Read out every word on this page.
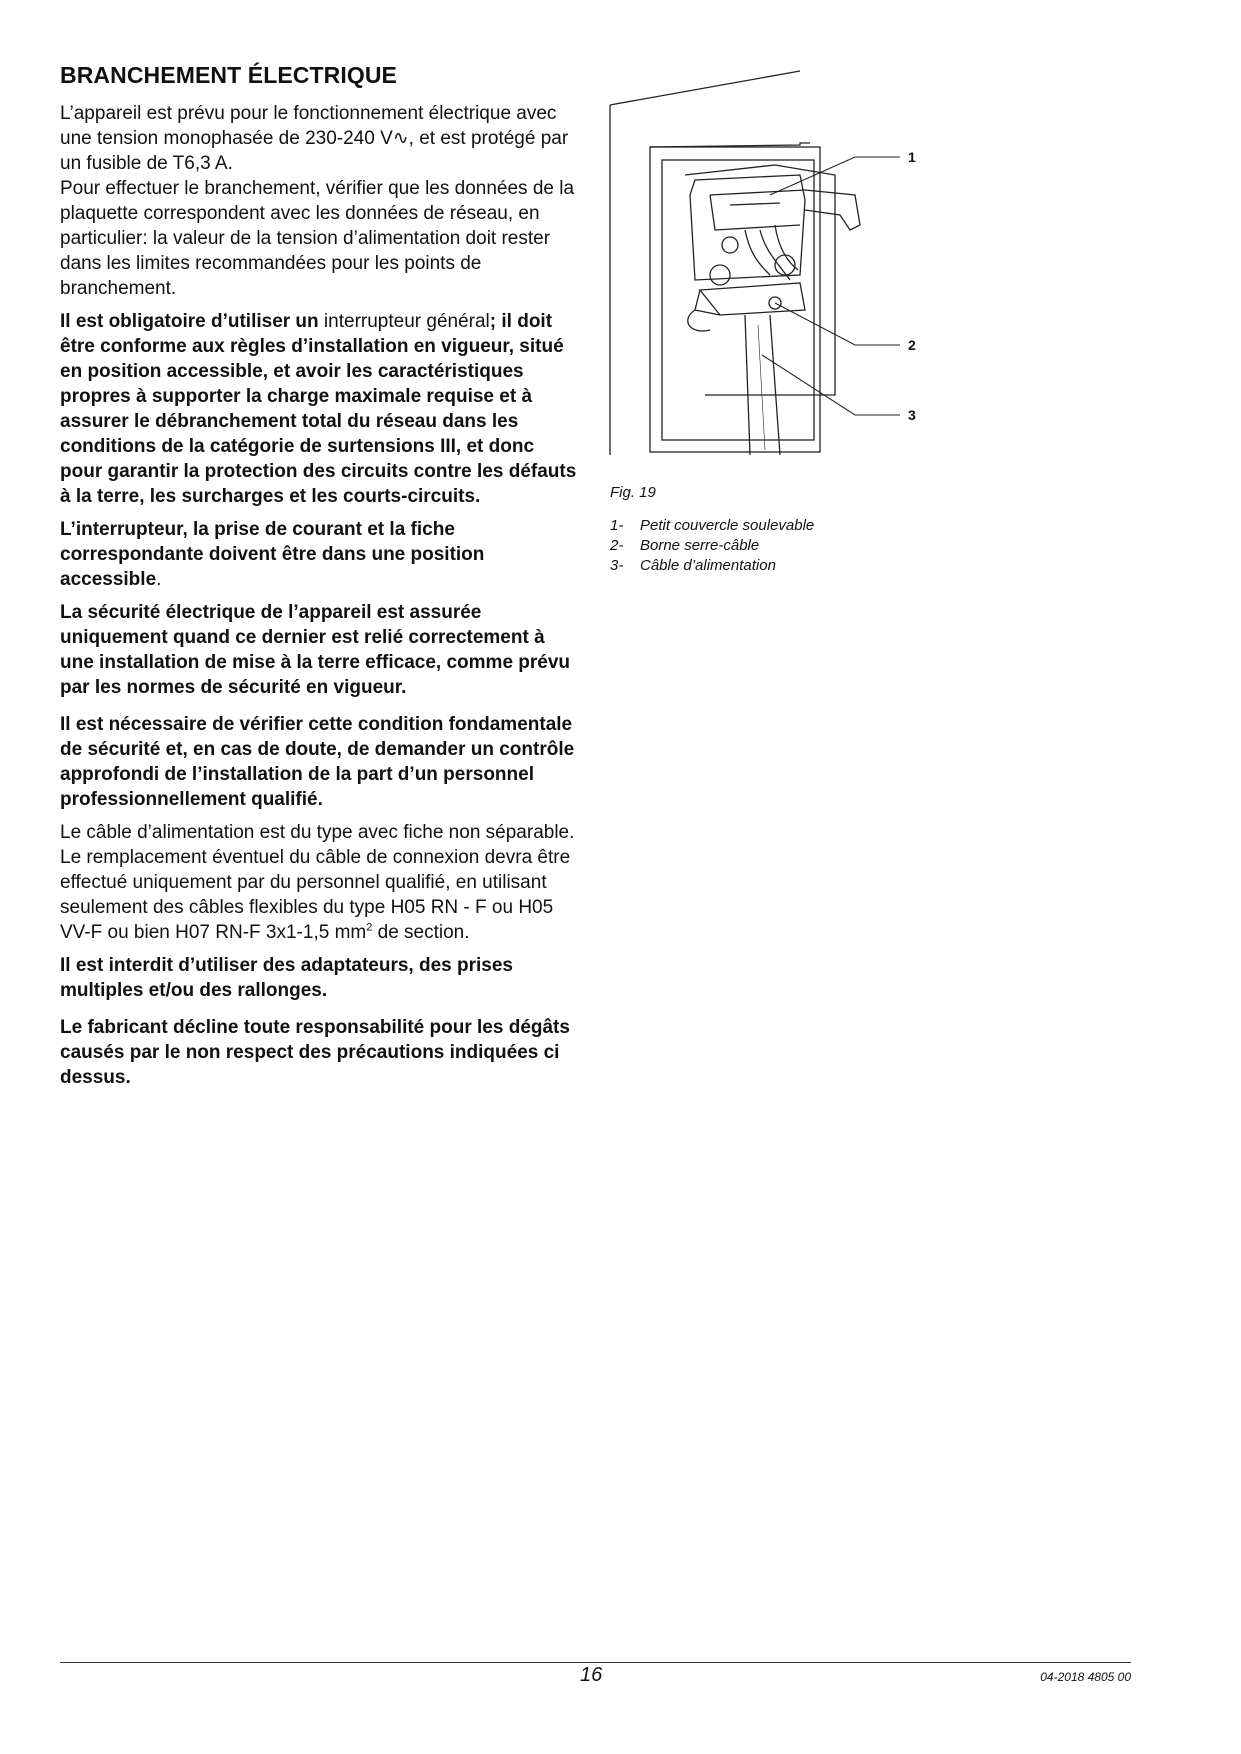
BRANCHEMENT ÉLECTRIQUE

L’appareil est prévu pour le fonctionnement électrique avec une tension monophasée de 230-240 V∿, et est protégé par un fusible de T6,3 A.

Pour effectuer le branchement, vérifier que les données de la plaquette correspondent avec les données de réseau, en particulier: la valeur de la tension d’alimentation doit rester dans les limites recommandées pour les points de branchement.

Il est obligatoire d’utiliser un interrupteur général; il doit être conforme aux règles d’installation en vigueur, situé en position accessible, et avoir les caractéristiques propres à supporter la charge maximale requise et à assurer le débranchement total du réseau dans les conditions de la catégorie de surtensions III, et donc pour garantir la protection des circuits contre les défauts à la terre, les surcharges et les courts-circuits.

L’interrupteur, la prise de courant et la fiche correspondante doivent être dans une position accessible.

La sécurité électrique de l’appareil est assurée uniquement quand ce dernier est relié correctement à une installation de mise à la terre efficace, comme prévu par les normes de sécurité en vigueur.

Il est nécessaire de vérifier cette condition fondamentale de sécurité et, en cas de doute, de demander un contrôle approfondi de l’installation de la part d’un personnel professionnellement qualifié.

Le câble d’alimentation est du type avec fiche non séparable. Le remplacement éventuel du câble de connexion devra être effectué uniquement par du personnel qualifié, en utilisant seulement des câbles flexibles du type H05 RN - F ou H05 VV-F ou bien H07 RN-F 3x1-1,5 $mm^2$ de section.

Il est interdit d’utiliser des adaptateurs, des prises multiples et/ou des rallonges.

Le fabricant décline toute responsabilité pour les dégâts causés par le non respect des précautions indiquées ci dessus.

1
2
3
Fig. 19
1-	Petit couvercle soulevable
2-	Borne serre-câble
3-	Câble d’alimentation
16	04-2018 4805 00
